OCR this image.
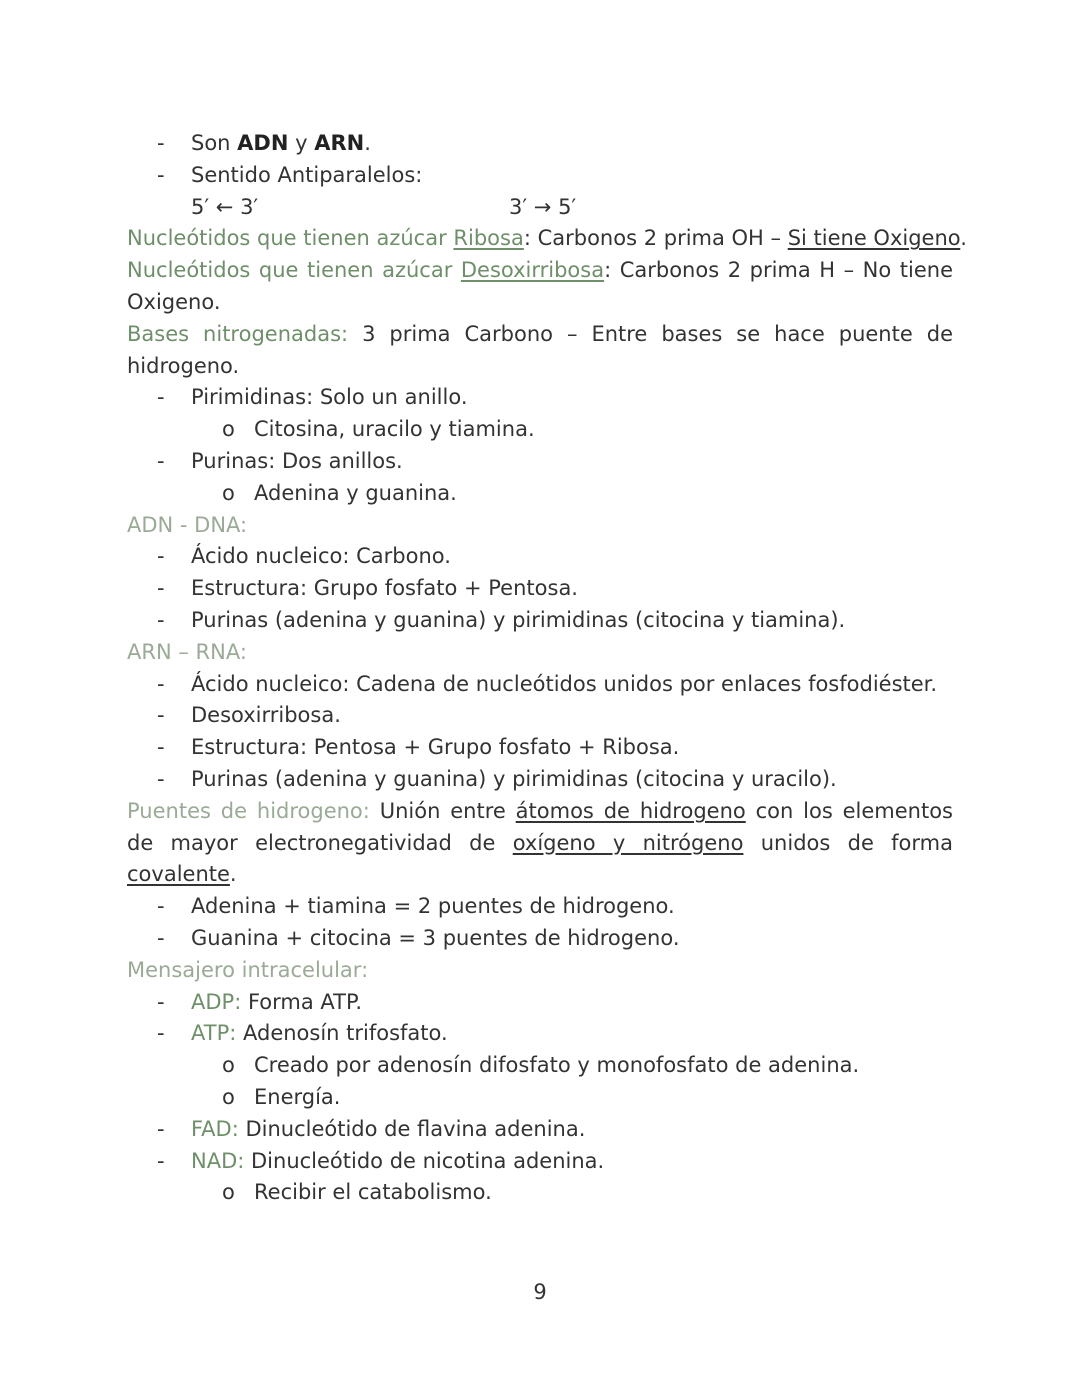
- Son ADN y ARN.
- Sentido Antiparalelos:
5′ ← 3′	3′ → 5′
Nucleótidos que tienen azúcar Ribosa: Carbonos 2 prima OH – Si tiene Oxigeno.
Nucleótidos que tienen azúcar Desoxirribosa: Carbonos 2 prima H – No tiene Oxigeno.
Bases nitrogenadas: 3 prima Carbono – Entre bases se hace puente de hidrogeno.
- Pirimidinas: Solo un anillo.
o Citosina, uracilo y tiamina.
- Purinas: Dos anillos.
o Adenina y guanina.
ADN - DNA:
- Ácido nucleico: Carbono.
- Estructura: Grupo fosfato + Pentosa.
- Purinas (adenina y guanina) y pirimidinas (citocina y tiamina).
ARN – RNA:
- Ácido nucleico: Cadena de nucleótidos unidos por enlaces fosfodiéster.
- Desoxirribosa.
- Estructura: Pentosa + Grupo fosfato + Ribosa.
- Purinas (adenina y guanina) y pirimidinas (citocina y uracilo).
Puentes de hidrogeno: Unión entre átomos de hidrogeno con los elementos de mayor electronegatividad de oxígeno y nitrógeno unidos de forma covalente.
- Adenina + tiamina = 2 puentes de hidrogeno.
- Guanina + citocina = 3 puentes de hidrogeno.
Mensajero intracelular:
- ADP: Forma ATP.
- ATP: Adenosín trifosfato.
o Creado por adenosín difosfato y monofosfato de adenina.
o Energía.
- FAD: Dinucleótido de flavina adenina.
- NAD: Dinucleótido de nicotina adenina.
o Recibir el catabolismo.
9
